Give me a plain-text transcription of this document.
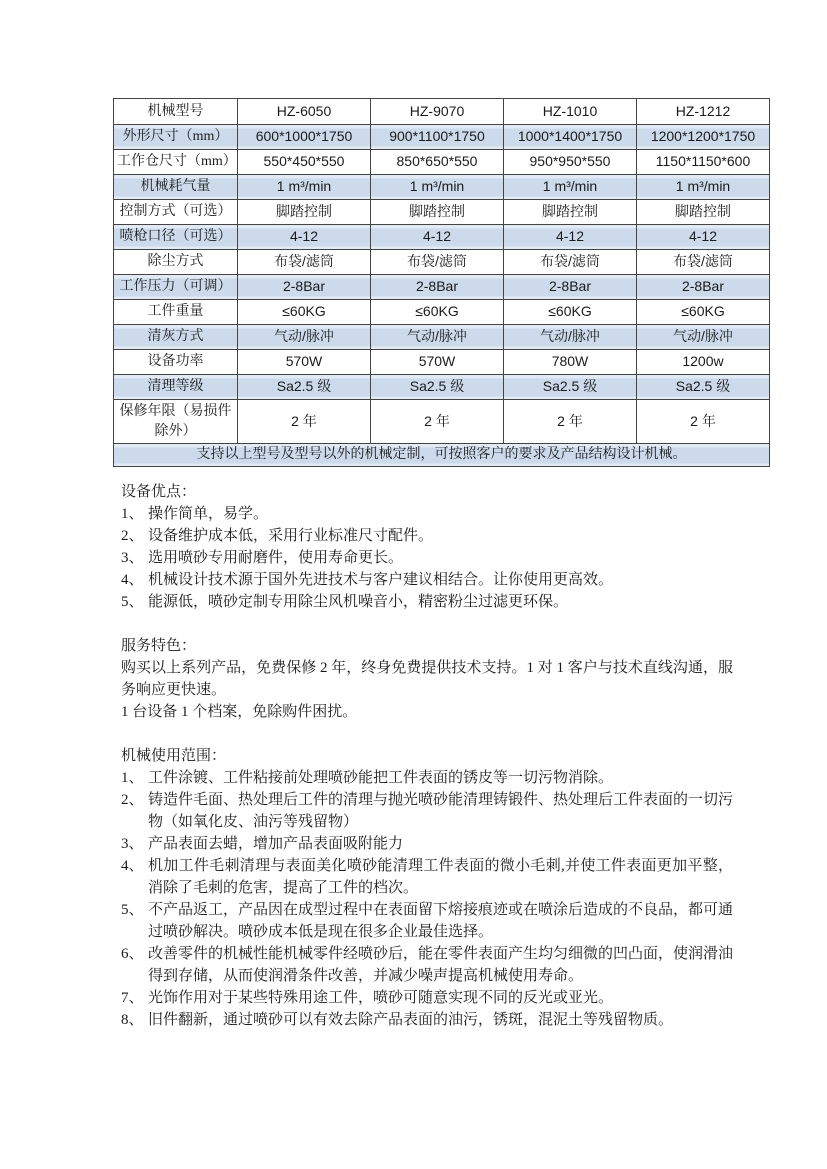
机械型号	HZ-6050	HZ-9070	HZ-1010	HZ-1212
外形尺寸（mm）	600*1000*1750	900*1100*1750	1000*1400*1750	1200*1200*1750
工作仓尺寸（mm）	550*450*550	850*650*550	950*950*550	1150*1150*600
机械耗气量	1 m³/min	1 m³/min	1 m³/min	1 m³/min
控制方式（可选）	脚踏控制	脚踏控制	脚踏控制	脚踏控制
喷枪口径（可选）	4-12	4-12	4-12	4-12
除尘方式	布袋/滤筒	布袋/滤筒	布袋/滤筒	布袋/滤筒
工作压力（可调）	2-8Bar	2-8Bar	2-8Bar	2-8Bar
工件重量	≤60KG	≤60KG	≤60KG	≤60KG
清灰方式	气动/脉冲	气动/脉冲	气动/脉冲	气动/脉冲
设备功率	570W	570W	780W	1200w
清理等级	Sa2.5 级	Sa2.5 级	Sa2.5 级	Sa2.5 级
保修年限（易损件除外）	2 年	2 年	2 年	2 年
支持以上型号及型号以外的机械定制，可按照客户的要求及产品结构设计机械。				
设备优点：
1、 操作简单，易学。
2、 设备维护成本低，采用行业标准尺寸配件。
3、 选用喷砂专用耐磨件，使用寿命更长。
4、 机械设计技术源于国外先进技术与客户建议相结合。让你使用更高效。
5、 能源低，喷砂定制专用除尘风机噪音小，精密粉尘过滤更环保。
服务特色：
购买以上系列产品，免费保修 2 年，终身免费提供技术支持。1 对 1 客户与技术直线沟通，服务响应更快速。
1 台设备 1 个档案，免除购件困扰。
机械使用范围：
1、 工件涂镀、工件粘接前处理喷砂能把工件表面的锈皮等一切污物消除。
2、 铸造件毛面、热处理后工件的清理与抛光喷砂能清理铸锻件、热处理后工件表面的一切污物（如氧化皮、油污等残留物）
3、 产品表面去蜡，增加产品表面吸附能力
4、 机加工件毛刺清理与表面美化喷砂能清理工件表面的微小毛刺,并使工件表面更加平整，消除了毛刺的危害，提高了工件的档次。
5、 不产品返工，产品因在成型过程中在表面留下熔接痕迹或在喷涂后造成的不良品，都可通过喷砂解决。喷砂成本低是现在很多企业最佳选择。
6、 改善零件的机械性能机械零件经喷砂后，能在零件表面产生均匀细微的凹凸面，使润滑油得到存储，从而使润滑条件改善，并减少噪声提高机械使用寿命。
7、 光饰作用对于某些特殊用途工件，喷砂可随意实现不同的反光或亚光。
8、 旧件翻新，通过喷砂可以有效去除产品表面的油污，锈斑，混泥土等残留物质。
